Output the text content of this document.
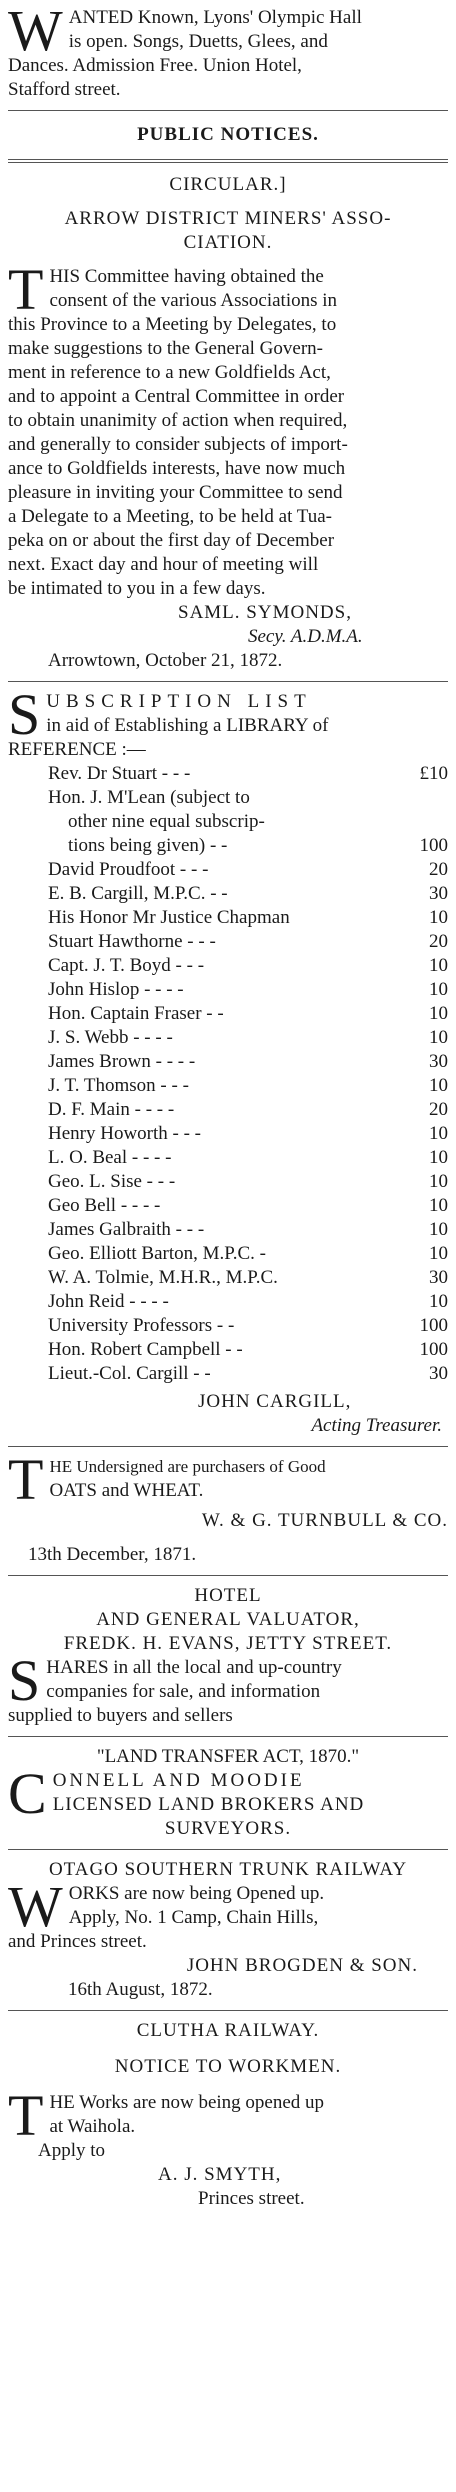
W ANTED Known, Lyons' Olympic Hall

is open. Songs, Duetts, Glees, and

Dances. Admission Free. Union Hotel,

Stafford street.

PUBLIC NOTICES.

CIRCULAR.]

ARROW DISTRICT MINERS' ASSO-

CIATION.

T HIS Committee having obtained the

consent of the various Associations in

this Province to a Meeting by Delegates, to

make suggestions to the General Govern-

ment in reference to a new Goldfields Act,

and to appoint a Central Committee in order

to obtain unanimity of action when required,

and generally to consider subjects of import-

ance to Goldfields interests, have now much

pleasure in inviting your Committee to send

a Delegate to a Meeting, to be held at Tua-

peka on or about the first day of December

next. Exact day and hour of meeting will

be intimated to you in a few days.

SAML. SYMONDS,

Secy. A.D.M.A.

Arrowtown, October 21, 1872.

S UBSCRIPTION LIST

in aid of Establishing a LIBRARY of

REFERENCE :—

Rev. Dr Stuart - - -	£10
Hon. J. M'Lean (subject to
other nine equal subscrip-
tions being given) - -	100
David Proudfoot - - -	20
E. B. Cargill, M.P.C. - -	30
His Honor Mr Justice Chapman	10
Stuart Hawthorne - - -	20
Capt. J. T. Boyd - - -	10
John Hislop - - - -	10
Hon. Captain Fraser - -	10
J. S. Webb - - - -	10
James Brown - - - -	30
J. T. Thomson - - -	10
D. F. Main - - - -	20
Henry Howorth - - -	10
L. O. Beal - - - -	10
Geo. L. Sise - - -	10
Geo Bell - - - -	10
James Galbraith - - -	10
Geo. Elliott Barton, M.P.C. -	10
W. A. Tolmie, M.H.R., M.P.C.	30
John Reid - - - -	10
University Professors - -	100
Hon. Robert Campbell - -	100
Lieut.-Col. Cargill - -	30

JOHN CARGILL,

Acting Treasurer.

T HE Undersigned are purchasers of Good

OATS and WHEAT.

W. & G. TURNBULL & CO.

13th December, 1871.

HOTEL

AND GENERAL VALUATOR,

FREDK. H. EVANS, JETTY STREET.

S HARES in all the local and up-country

companies for sale, and information

supplied to buyers and sellers

"LAND TRANSFER ACT, 1870."

C ONNELL AND MOODIE

LICENSED LAND BROKERS AND

SURVEYORS.

OTAGO SOUTHERN TRUNK RAILWAY

W ORKS are now being Opened up.

Apply, No. 1 Camp, Chain Hills,

and Princes street.

JOHN BROGDEN & SON.

16th August, 1872.

CLUTHA RAILWAY.

NOTICE TO WORKMEN.

T HE Works are now being opened up

at Waihola.

Apply to

A. J. SMYTH,

Princes street.
